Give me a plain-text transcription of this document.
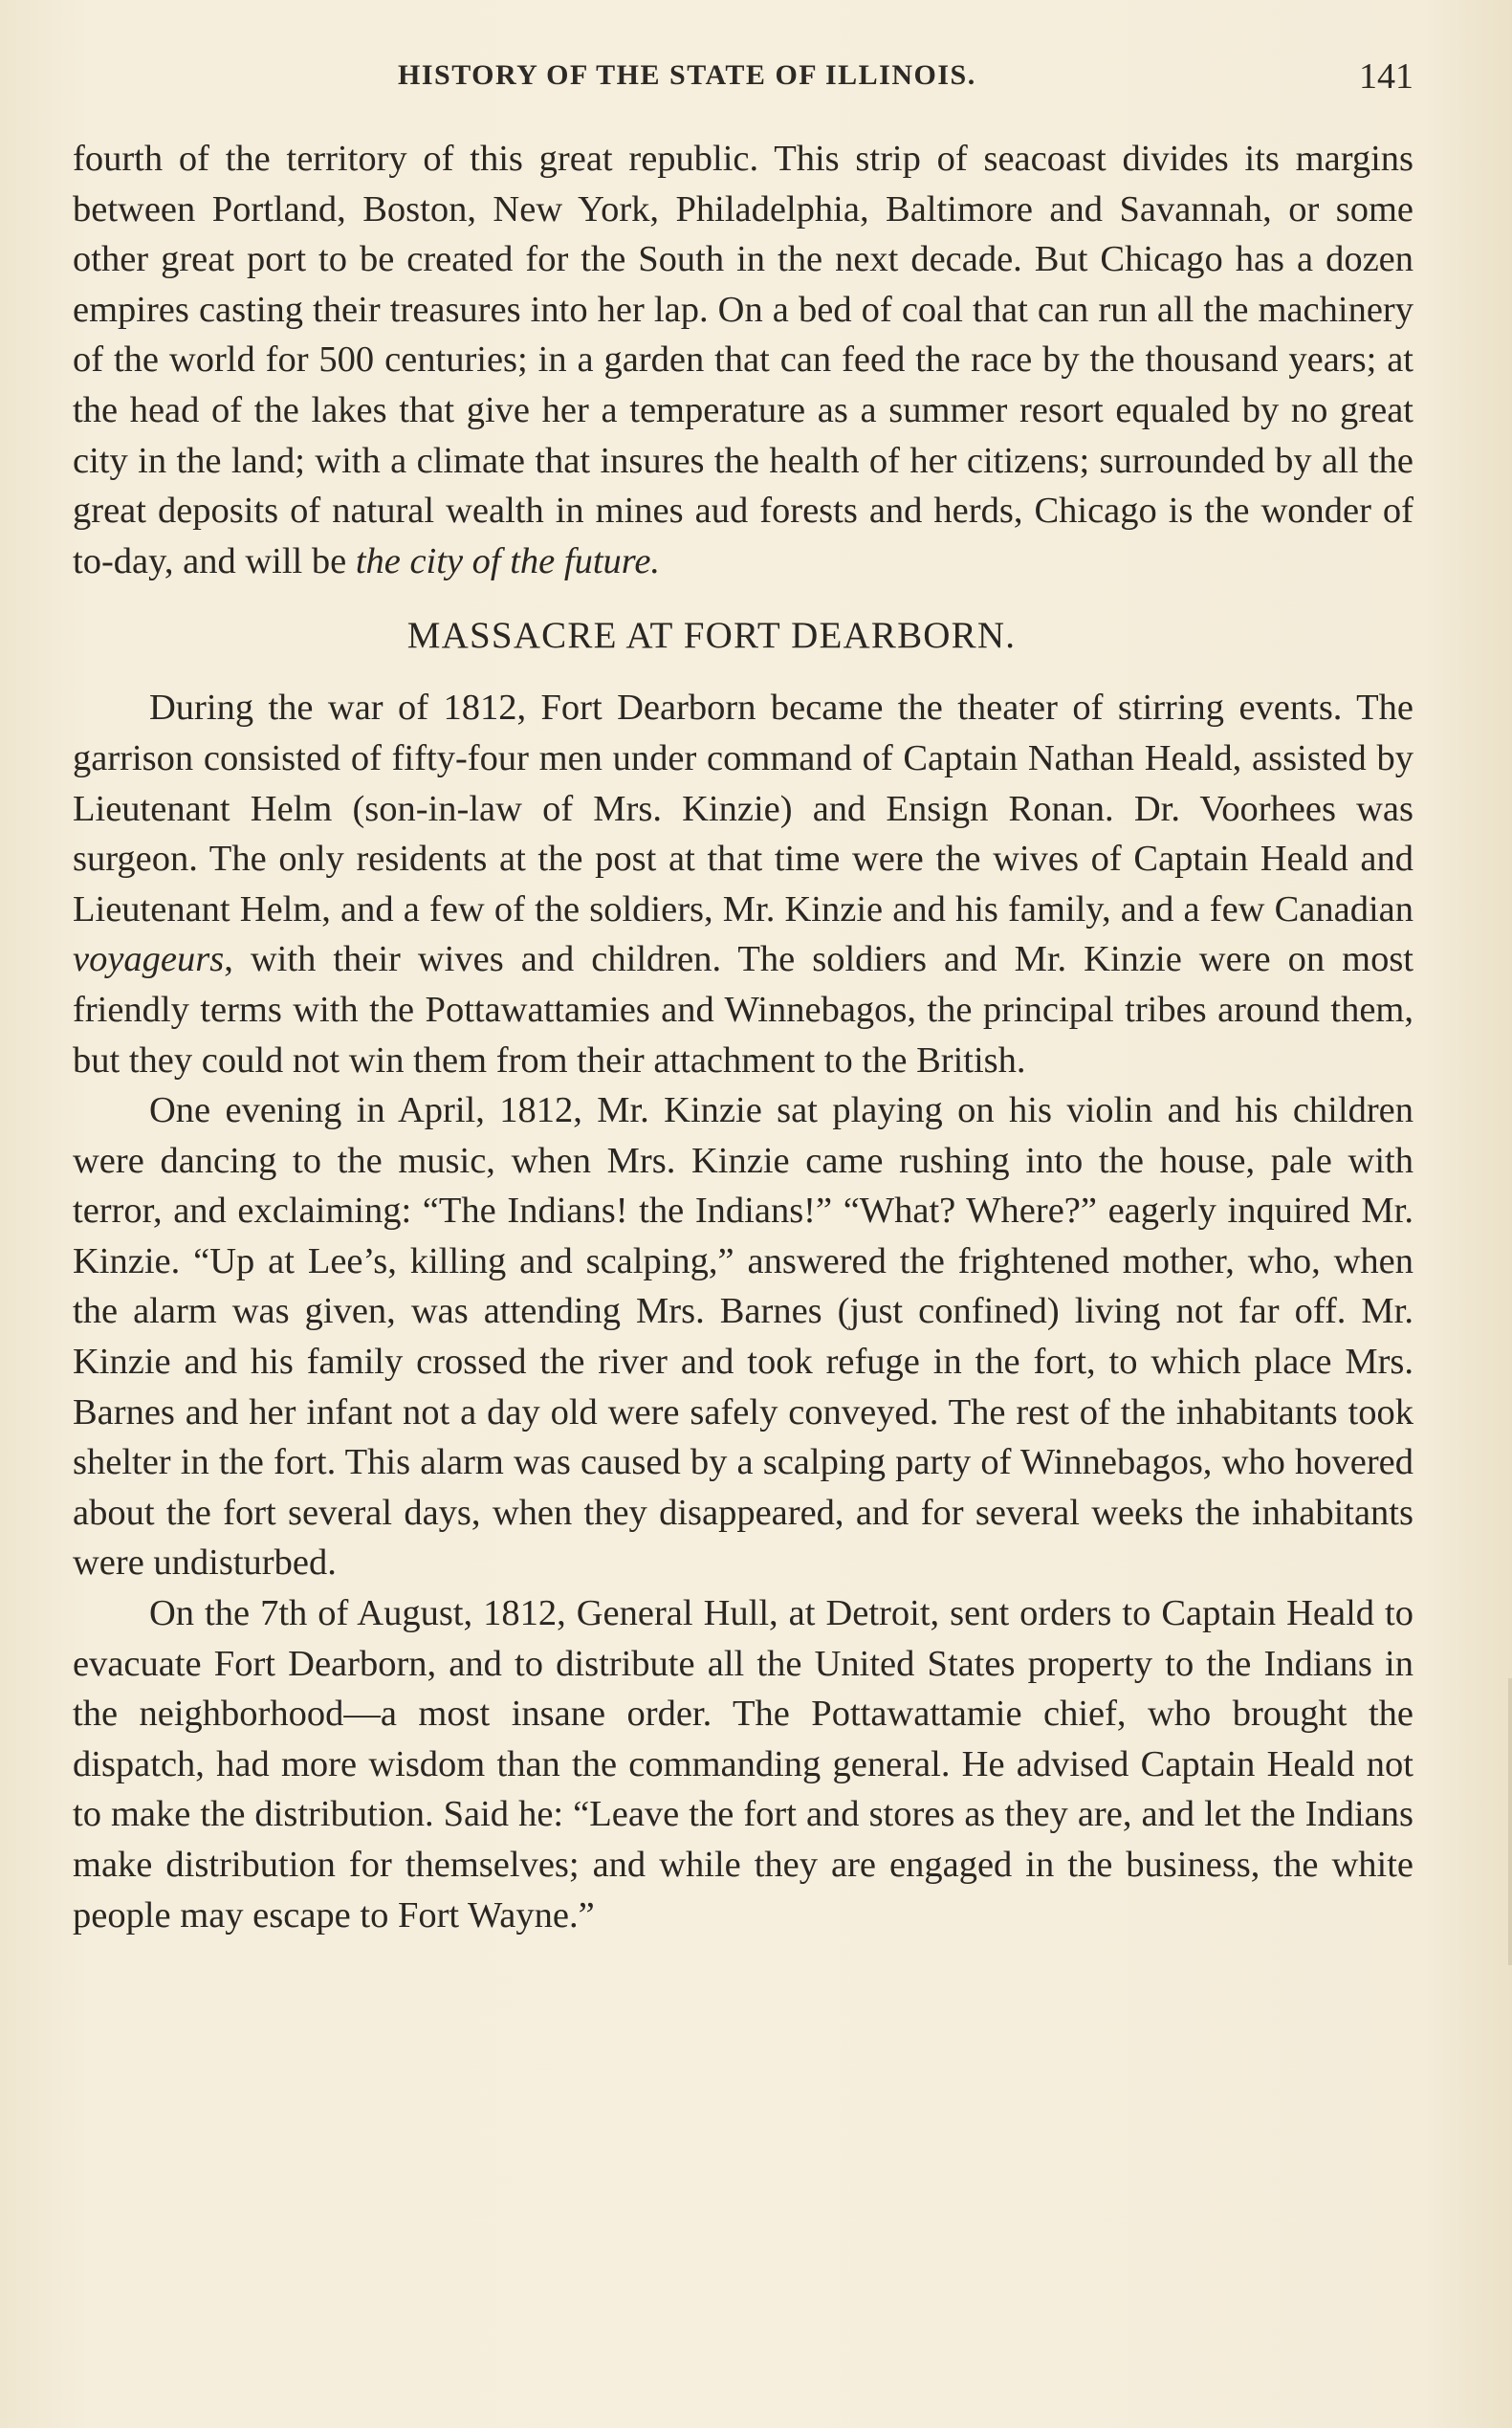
HISTORY OF THE STATE OF ILLINOIS.	141

fourth of the territory of this great republic. This strip of seacoast divides its margins between Portland, Boston, New York, Philadelphia, Baltimore and Savannah, or some other great port to be created for the South in the next decade. But Chicago has a dozen empires casting their treasures into her lap. On a bed of coal that can run all the machinery of the world for 500 centuries; in a garden that can feed the race by the thousand years; at the head of the lakes that give her a temperature as a summer resort equaled by no great city in the land; with a climate that insures the health of her citizens; surrounded by all the great deposits of natural wealth in mines aud forests and herds, Chicago is the wonder of to-day, and will be the city of the future.

MASSACRE AT FORT DEARBORN.

During the war of 1812, Fort Dearborn became the theater of stirring events. The garrison consisted of fifty-four men under command of Captain Nathan Heald, assisted by Lieutenant Helm (son-in-law of Mrs. Kinzie) and Ensign Ronan. Dr. Voorhees was surgeon. The only residents at the post at that time were the wives of Captain Heald and Lieutenant Helm, and a few of the soldiers, Mr. Kinzie and his family, and a few Canadian voyageurs, with their wives and children. The soldiers and Mr. Kinzie were on most friendly terms with the Pottawattamies and Winnebagos, the principal tribes around them, but they could not win them from their attachment to the British.

One evening in April, 1812, Mr. Kinzie sat playing on his violin and his children were dancing to the music, when Mrs. Kinzie came rushing into the house, pale with terror, and exclaiming: “The Indians! the Indians!” “What? Where?” eagerly inquired Mr. Kinzie. “Up at Lee’s, killing and scalping,” answered the frightened mother, who, when the alarm was given, was attending Mrs. Barnes (just confined) living not far off. Mr. Kinzie and his family crossed the river and took refuge in the fort, to which place Mrs. Barnes and her infant not a day old were safely conveyed. The rest of the inhabitants took shelter in the fort. This alarm was caused by a scalping party of Winnebagos, who hovered about the fort several days, when they disappeared, and for several weeks the inhabitants were undisturbed.

On the 7th of August, 1812, General Hull, at Detroit, sent orders to Captain Heald to evacuate Fort Dearborn, and to distribute all the United States property to the Indians in the neighborhood—a most insane order. The Pottawattamie chief, who brought the dispatch, had more wisdom than the commanding general. He advised Captain Heald not to make the distribution. Said he: “Leave the fort and stores as they are, and let the Indians make distribution for themselves; and while they are engaged in the business, the white people may escape to Fort Wayne.”
